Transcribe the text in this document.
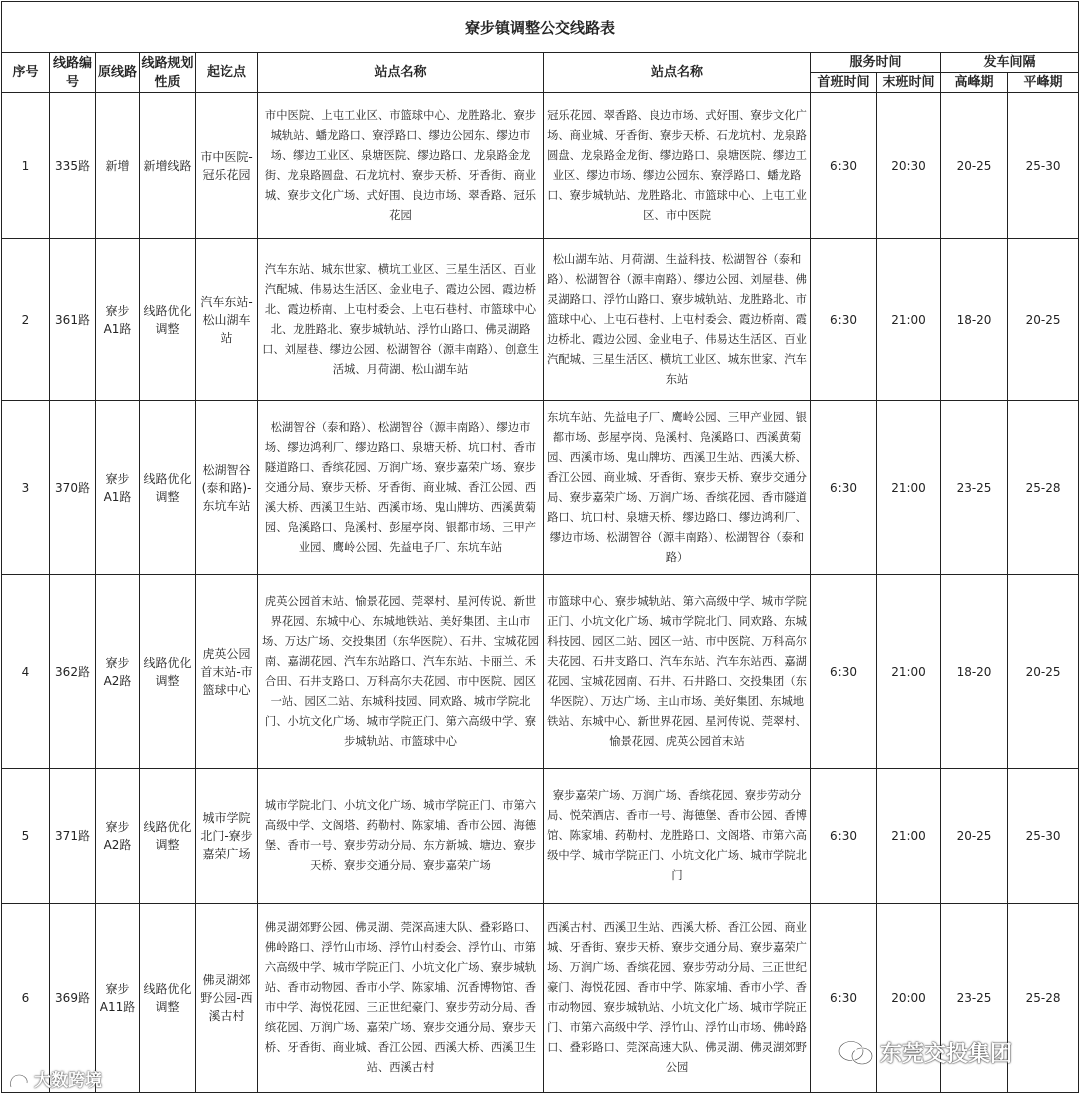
寮步镇调整公交线路表										
序号	线路编号	原线路	线路规划性质	起讫点	站点名称	站点名称	服务时间		发车间隔	
							首班时间	末班时间	高峰期	平峰期
1	335路	新增	新增线路	市中医院-冠乐花园	市中医院、上屯工业区、市篮球中心、龙胜路北、寮步城轨站、蟠龙路口、寮浮路口、缪边公园东、缪边市场、缪边工业区、泉塘医院、缪边路口、龙泉路金龙街、龙泉路圆盘、石龙坑村、寮步天桥、牙香街、商业城、寮步文化广场、式好围、良边市场、翠香路、冠乐花园	冠乐花园、翠香路、良边市场、式好围、寮步文化广场、商业城、牙香街、寮步天桥、石龙坑村、龙泉路圆盘、龙泉路金龙街、缪边路口、泉塘医院、缪边工业区、缪边市场、缪边公园东、寮浮路口、蟠龙路口、寮步城轨站、龙胜路北、市篮球中心、上屯工业区、市中医院	6:30	20:30	20-25	25-30
2	361路	寮步A1路	线路优化调整	汽车东站-松山湖车站	汽车东站、城东世家、横坑工业区、三星生活区、百业汽配城、伟易达生活区、金业电子、霞边公园、霞边桥北、霞边桥南、上屯村委会、上屯石巷村、市篮球中心北、龙胜路北、寮步城轨站、浮竹山路口、佛灵湖路口、刘屋巷、缪边公园、松湖智谷（源丰南路）、创意生活城、月荷湖、松山湖车站	松山湖车站、月荷湖、生益科技、松湖智谷（泰和路）、松湖智谷（源丰南路）、缪边公园、刘屋巷、佛灵湖路口、浮竹山路口、寮步城轨站、龙胜路北、市篮球中心、上屯石巷村、上屯村委会、霞边桥南、霞边桥北、霞边公园、金业电子、伟易达生活区、百业汽配城、三星生活区、横坑工业区、城东世家、汽车东站	6:30	21:00	18-20	20-25
3	370路	寮步A1路	线路优化调整	松湖智谷(泰和路)-东坑车站	松湖智谷（泰和路）、松湖智谷（源丰南路）、缪边市场、缪边鸿利厂、缪边路口、泉塘天桥、坑口村、香市隧道路口、香缤花园、万润广场、寮步嘉荣广场、寮步交通分局、寮步天桥、牙香街、商业城、香江公园、西溪大桥、西溪卫生站、西溪市场、鬼山牌坊、西溪黄菊园、凫溪路口、凫溪村、彭屋亭岗、银都市场、三甲产业园、鹰岭公园、先益电子厂、东坑车站	东坑车站、先益电子厂、鹰岭公园、三甲产业园、银都市场、彭屋亭岗、凫溪村、凫溪路口、西溪黄菊园、西溪市场、鬼山牌坊、西溪卫生站、西溪大桥、香江公园、商业城、牙香街、寮步天桥、寮步交通分局、寮步嘉荣广场、万润广场、香缤花园、香市隧道路口、坑口村、泉塘天桥、缪边路口、缪边鸿利厂、缪边市场、松湖智谷（源丰南路）、松湖智谷（泰和路）	6:30	21:00	23-25	25-28
4	362路	寮步A2路	线路优化调整	虎英公园首末站-市篮球中心	虎英公园首末站、愉景花园、莞翠村、星河传说、新世界花园、东城中心、东城地铁站、美好集团、主山市场、万达广场、交投集团（东华医院）、石井、宝城花园南、嘉湖花园、汽车东站路口、汽车东站、卡丽兰、禾合田、石井支路口、万科高尔夫花园、市中医院、园区一站、园区二站、东城科技园、同欢路、城市学院北门、小坑文化广场、城市学院正门、第六高级中学、寮步城轨站、市篮球中心	市篮球中心、寮步城轨站、第六高级中学、城市学院正门、小坑文化广场、城市学院北门、同欢路、东城科技园、园区二站、园区一站、市中医院、万科高尔夫花园、石井支路口、汽车东站、汽车东站西、嘉湖花园、宝城花园南、石井、石井路口、交投集团（东华医院）、万达广场、主山市场、美好集团、东城地铁站、东城中心、新世界花园、星河传说、莞翠村、愉景花园、虎英公园首末站	6:30	21:00	18-20	20-25
5	371路	寮步A2路	线路优化调整	城市学院北门-寮步嘉荣广场	城市学院北门、小坑文化广场、城市学院正门、市第六高级中学、文阁塔、药勒村、陈家埔、香市公园、海德堡、香市一号、寮步劳动分局、东方新城、塘边、寮步天桥、寮步交通分局、寮步嘉荣广场	寮步嘉荣广场、万润广场、香缤花园、寮步劳动分局、悦荣酒店、香市一号、海德堡、香市公园、香博馆、陈家埔、药勒村、龙胜路口、文阁塔、市第六高级中学、城市学院正门、小坑文化广场、城市学院北门	6:30	21:00	20-25	25-30
6	369路	寮步A11路	线路优化调整	佛灵湖郊野公园-西溪古村	佛灵湖郊野公园、佛灵湖、莞深高速大队、叠彩路口、佛岭路口、浮竹山市场、浮竹山村委会、浮竹山、市第六高级中学、城市学院正门、小坑文化广场、寮步城轨站、香市动物园、香市小学、陈家埔、沉香博物馆、香市中学、海悦花园、三正世纪豪门、寮步劳动分局、香缤花园、万润广场、嘉荣广场、寮步交通分局、寮步天桥、牙香街、商业城、香江公园、西溪大桥、西溪卫生站、西溪古村	西溪古村、西溪卫生站、西溪大桥、香江公园、商业城、牙香街、寮步天桥、寮步交通分局、寮步嘉荣广场、万润广场、香缤花园、寮步劳动分局、三正世纪豪门、海悦花园、香市中学、陈家埔、香市小学、香市动物园、寮步城轨站、小坑文化广场、城市学院正门、市第六高级中学、浮竹山、浮竹山市场、佛岭路口、叠彩路口、莞深高速大队、佛灵湖、佛灵湖郊野公园	6:30	20:00	23-25	25-28
大数跨境
东莞交投集团
